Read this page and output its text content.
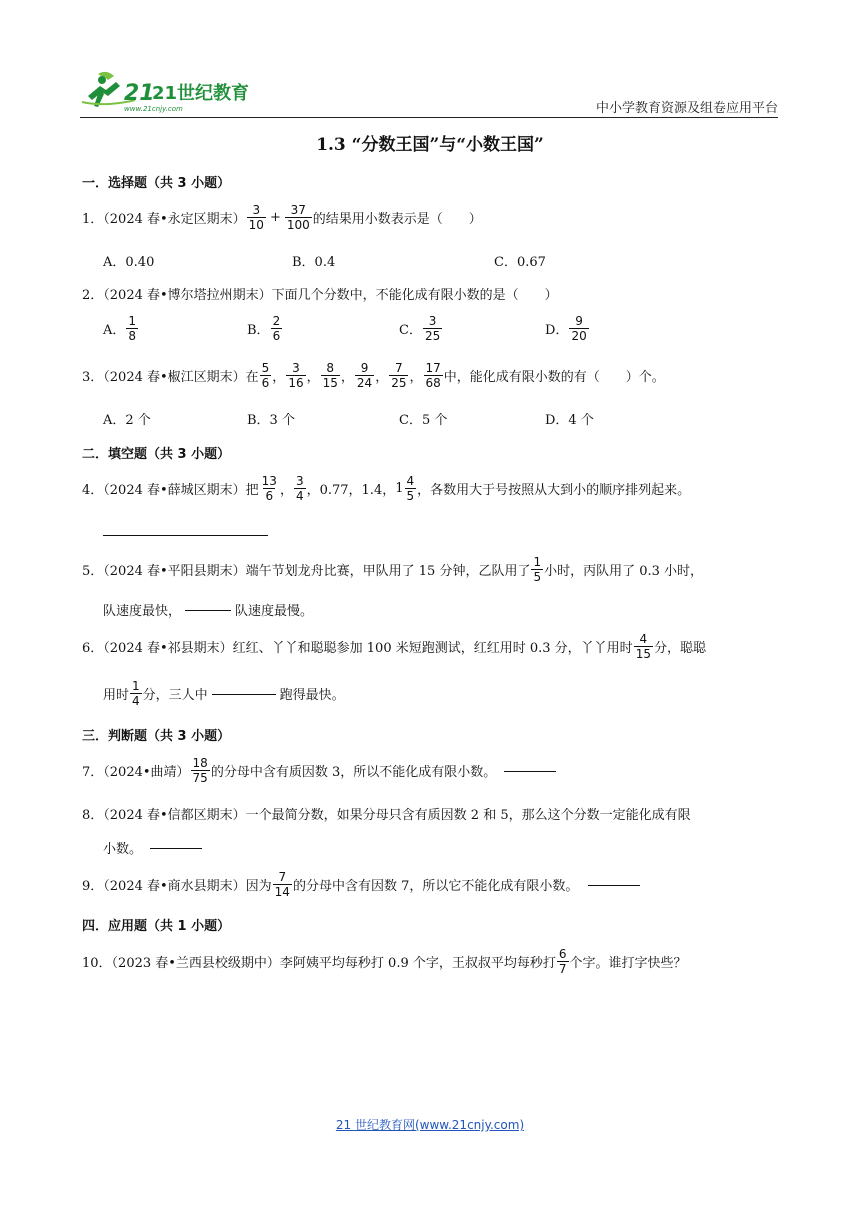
21
21世纪教育
www.21cnjy.com	中小学教育资源及组卷应用平台
1.3 “分数王国”与“小数王国”
一．选择题（共 3 小题）
1．（2024 春•永定区期末） $\frac{3}{10} + \frac{37}{100}$ 的结果用小数表示是（　　）
A．0.40	B．0.4	C．0.67
2．（2024 春•博尔塔拉州期末）下面几个分数中，不能化成有限小数的是（　　）
A． $\frac{1}{8}$	B． $\frac{2}{6}$	C． $\frac{3}{25}$	D． $\frac{9}{20}$
3．（2024 春•椒江区期末）在 $\frac{5}{6}$ ， $\frac{3}{16}$ ， $\frac{8}{15}$ ， $\frac{9}{24}$ ， $\frac{7}{25}$ ， $\frac{17}{68}$ 中，能化成有限小数的有（　　）个。
A．2 个	B．3 个	C．5 个	D．4 个
二．填空题（共 3 小题）
4．（2024 春•薛城区期末）把 $\frac{13}{6}$ ， $\frac{3}{4}$ ，0.77，1.4， $1 \frac{4}{5}$ ，各数用大于号按照从大到小的顺序排列起来。
5．（2024 春•平阳县期末）端午节划龙舟比赛，甲队用了 15 分钟，乙队用了 $\frac{1}{5}$ 小时，丙队用了 0.3 小时，
队速度最快，	队速度最慢。
6．（2024 春•祁县期末）红红、丫丫和聪聪参加 100 米短跑测试，红红用时 0.3 分，丫丫用时 $\frac{4}{15}$ 分，聪聪
用时 $\frac{1}{4}$ 分，三人中	跑得最快。
三．判断题（共 3 小题）
7．（2024•曲靖） $\frac{18}{75}$ 的分母中含有质因数 3，所以不能化成有限小数。
8．（2024 春•信都区期末）一个最简分数，如果分母只含有质因数 2 和 5，那么这个分数一定能化成有限
小数。
9．（2024 春•商水县期末）因为 $\frac{7}{14}$ 的分母中含有因数 7，所以它不能化成有限小数。
四．应用题（共 1 小题）
10．（2023 春•兰西县校级期中）李阿姨平均每秒打 0.9 个字，王叔叔平均每秒打 $\frac{6}{7}$ 个字。谁打字快些？
21 世纪教育网(www.21cnjy.com)
